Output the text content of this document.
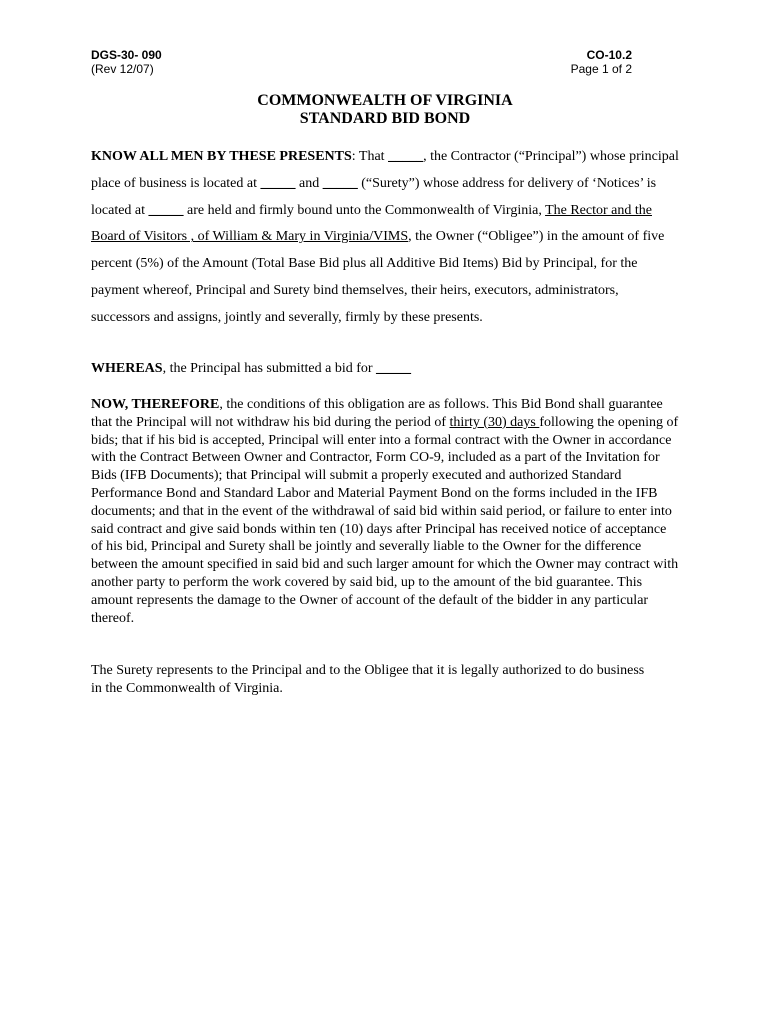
DGS-30- 090
(Rev 12/07)
CO-10.2
Page 1 of 2
COMMONWEALTH OF VIRGINIA
STANDARD BID BOND

KNOW ALL MEN BY THESE PRESENTS: That _____, the Contractor (“Principal”) whose principal place of business is located at _____ and _____ (“Surety”) whose address for delivery of ‘Notices’ is located at _____ are held and firmly bound unto the Commonwealth of Virginia, The Rector and the Board of Visitors , of William & Mary in Virginia/VIMS, the Owner (“Obligee”) in the amount of five percent (5%) of the Amount (Total Base Bid plus all Additive Bid Items) Bid by Principal, for the payment whereof, Principal and Surety bind themselves, their heirs, executors, administrators, successors and assigns, jointly and severally, firmly by these presents.

WHEREAS, the Principal has submitted a bid for _____

NOW, THEREFORE, the conditions of this obligation are as follows. This Bid Bond shall guarantee that the Principal will not withdraw his bid during the period of thirty (30) days following the opening of bids; that if his bid is accepted, Principal will enter into a formal contract with the Owner in accordance with the Contract Between Owner and Contractor, Form CO-9, included as a part of the Invitation for Bids (IFB Documents); that Principal will submit a properly executed and authorized Standard Performance Bond and Standard Labor and Material Payment Bond on the forms included in the IFB documents; and that in the event of the withdrawal of said bid within said period, or failure to enter into said contract and give said bonds within ten (10) days after Principal has received notice of acceptance of his bid, Principal and Surety shall be jointly and severally liable to the Owner for the difference between the amount specified in said bid and such larger amount for which the Owner may contract with another party to perform the work covered by said bid, up to the amount of the bid guarantee. This amount represents the damage to the Owner of account of the default of the bidder in any particular thereof.

The Surety represents to the Principal and to the Obligee that it is legally authorized to do business in the Commonwealth of Virginia.
